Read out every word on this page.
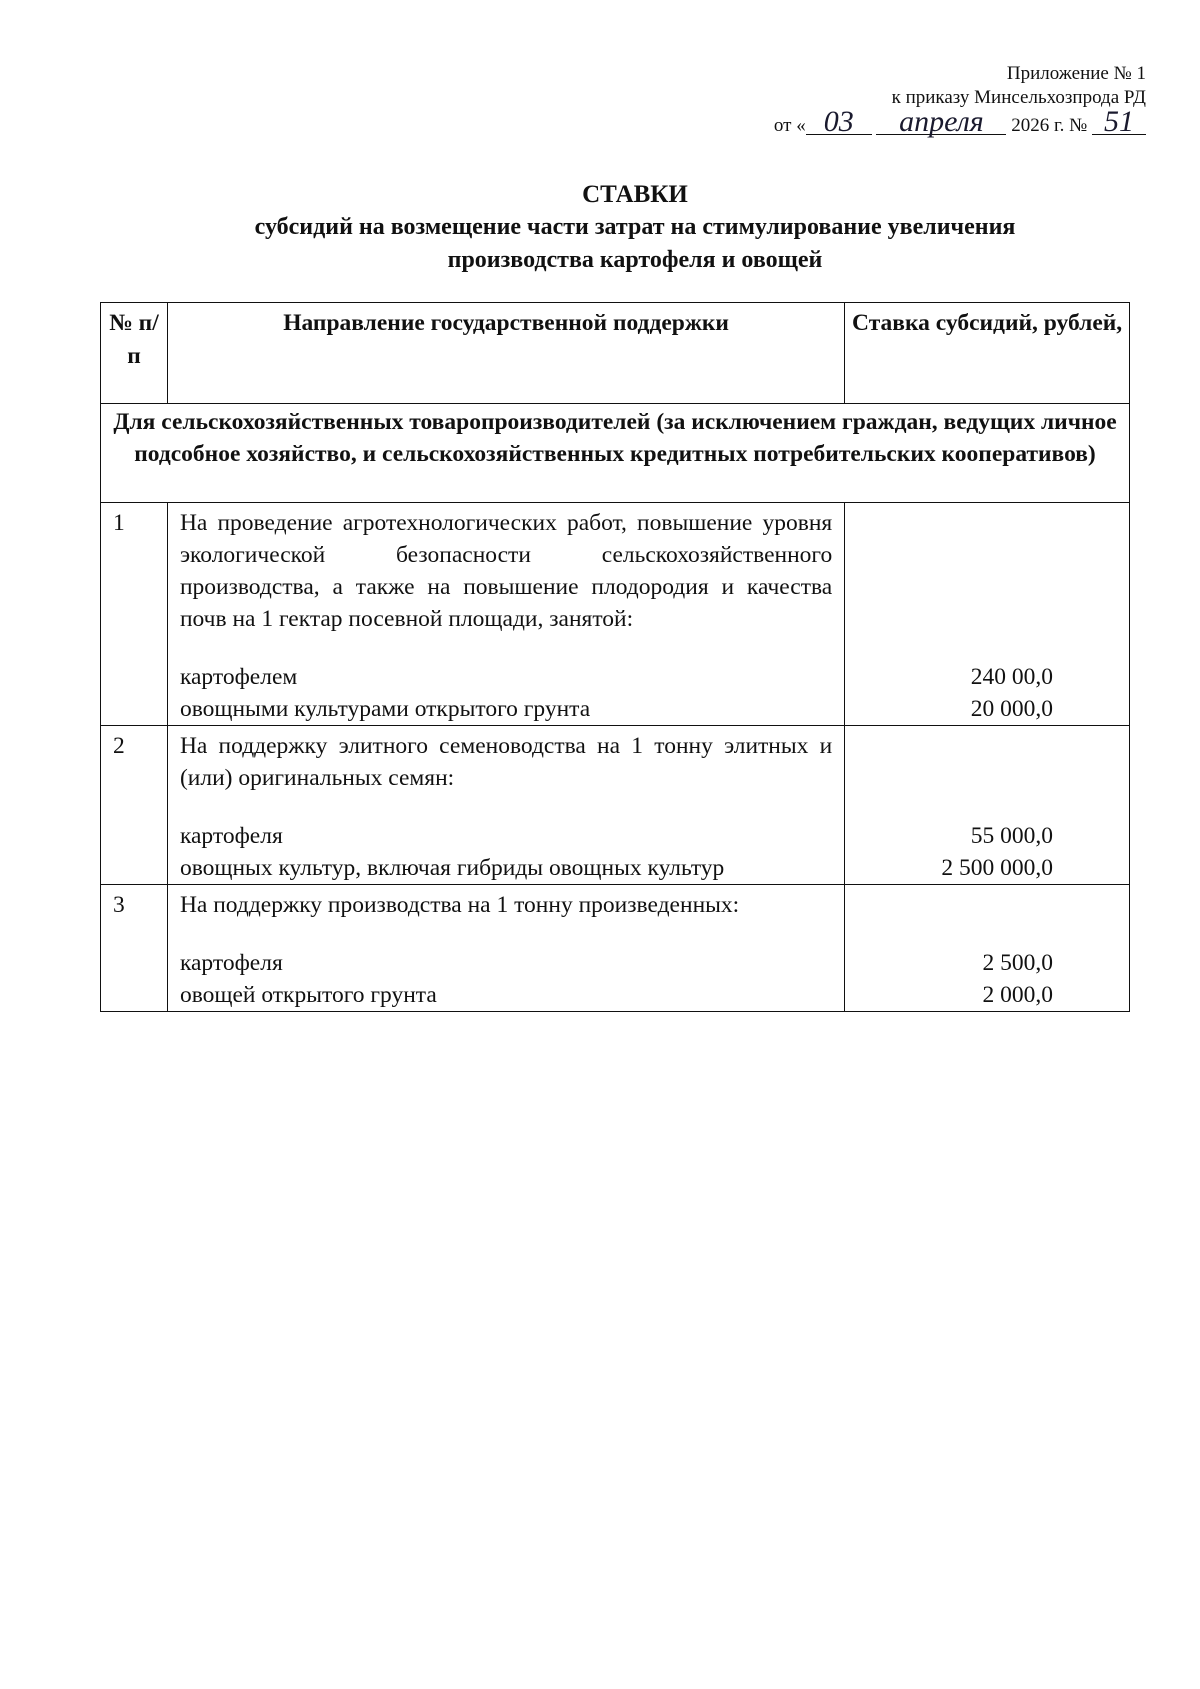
Приложение № 1
к приказу Минсельхозпрода РД
от « 03 апреля 2026 г. № 51
СТАВКИ
субсидий на возмещение части затрат на стимулирование увеличения
производства картофеля и овощей
№ п/п	Направление государственной поддержки	Ставка субсидий, рублей,
Для сельскохозяйственных товаропроизводителей (за исключением граждан, ведущих личное подсобное хозяйство, и сельскохозяйственных кредитных потребительских кооперативов)		
1	На проведение агротехнологических работ, повышение уровня экологической безопасности сельскохозяйственного производства, а также на повышение плодородия и качества почв на 1 гектар посевной площади, занятой:	
	картофелем	240 00,0
	овощными культурами открытого грунта	20 000,0
2	На поддержку элитного семеноводства на 1 тонну элитных и (или) оригинальных семян:	
	картофеля	55 000,0
	овощных культур, включая гибриды овощных культур	2 500 000,0
3	На поддержку производства на 1 тонну произведенных:	
	картофеля	2 500,0
	овощей открытого грунта	2 000,0
